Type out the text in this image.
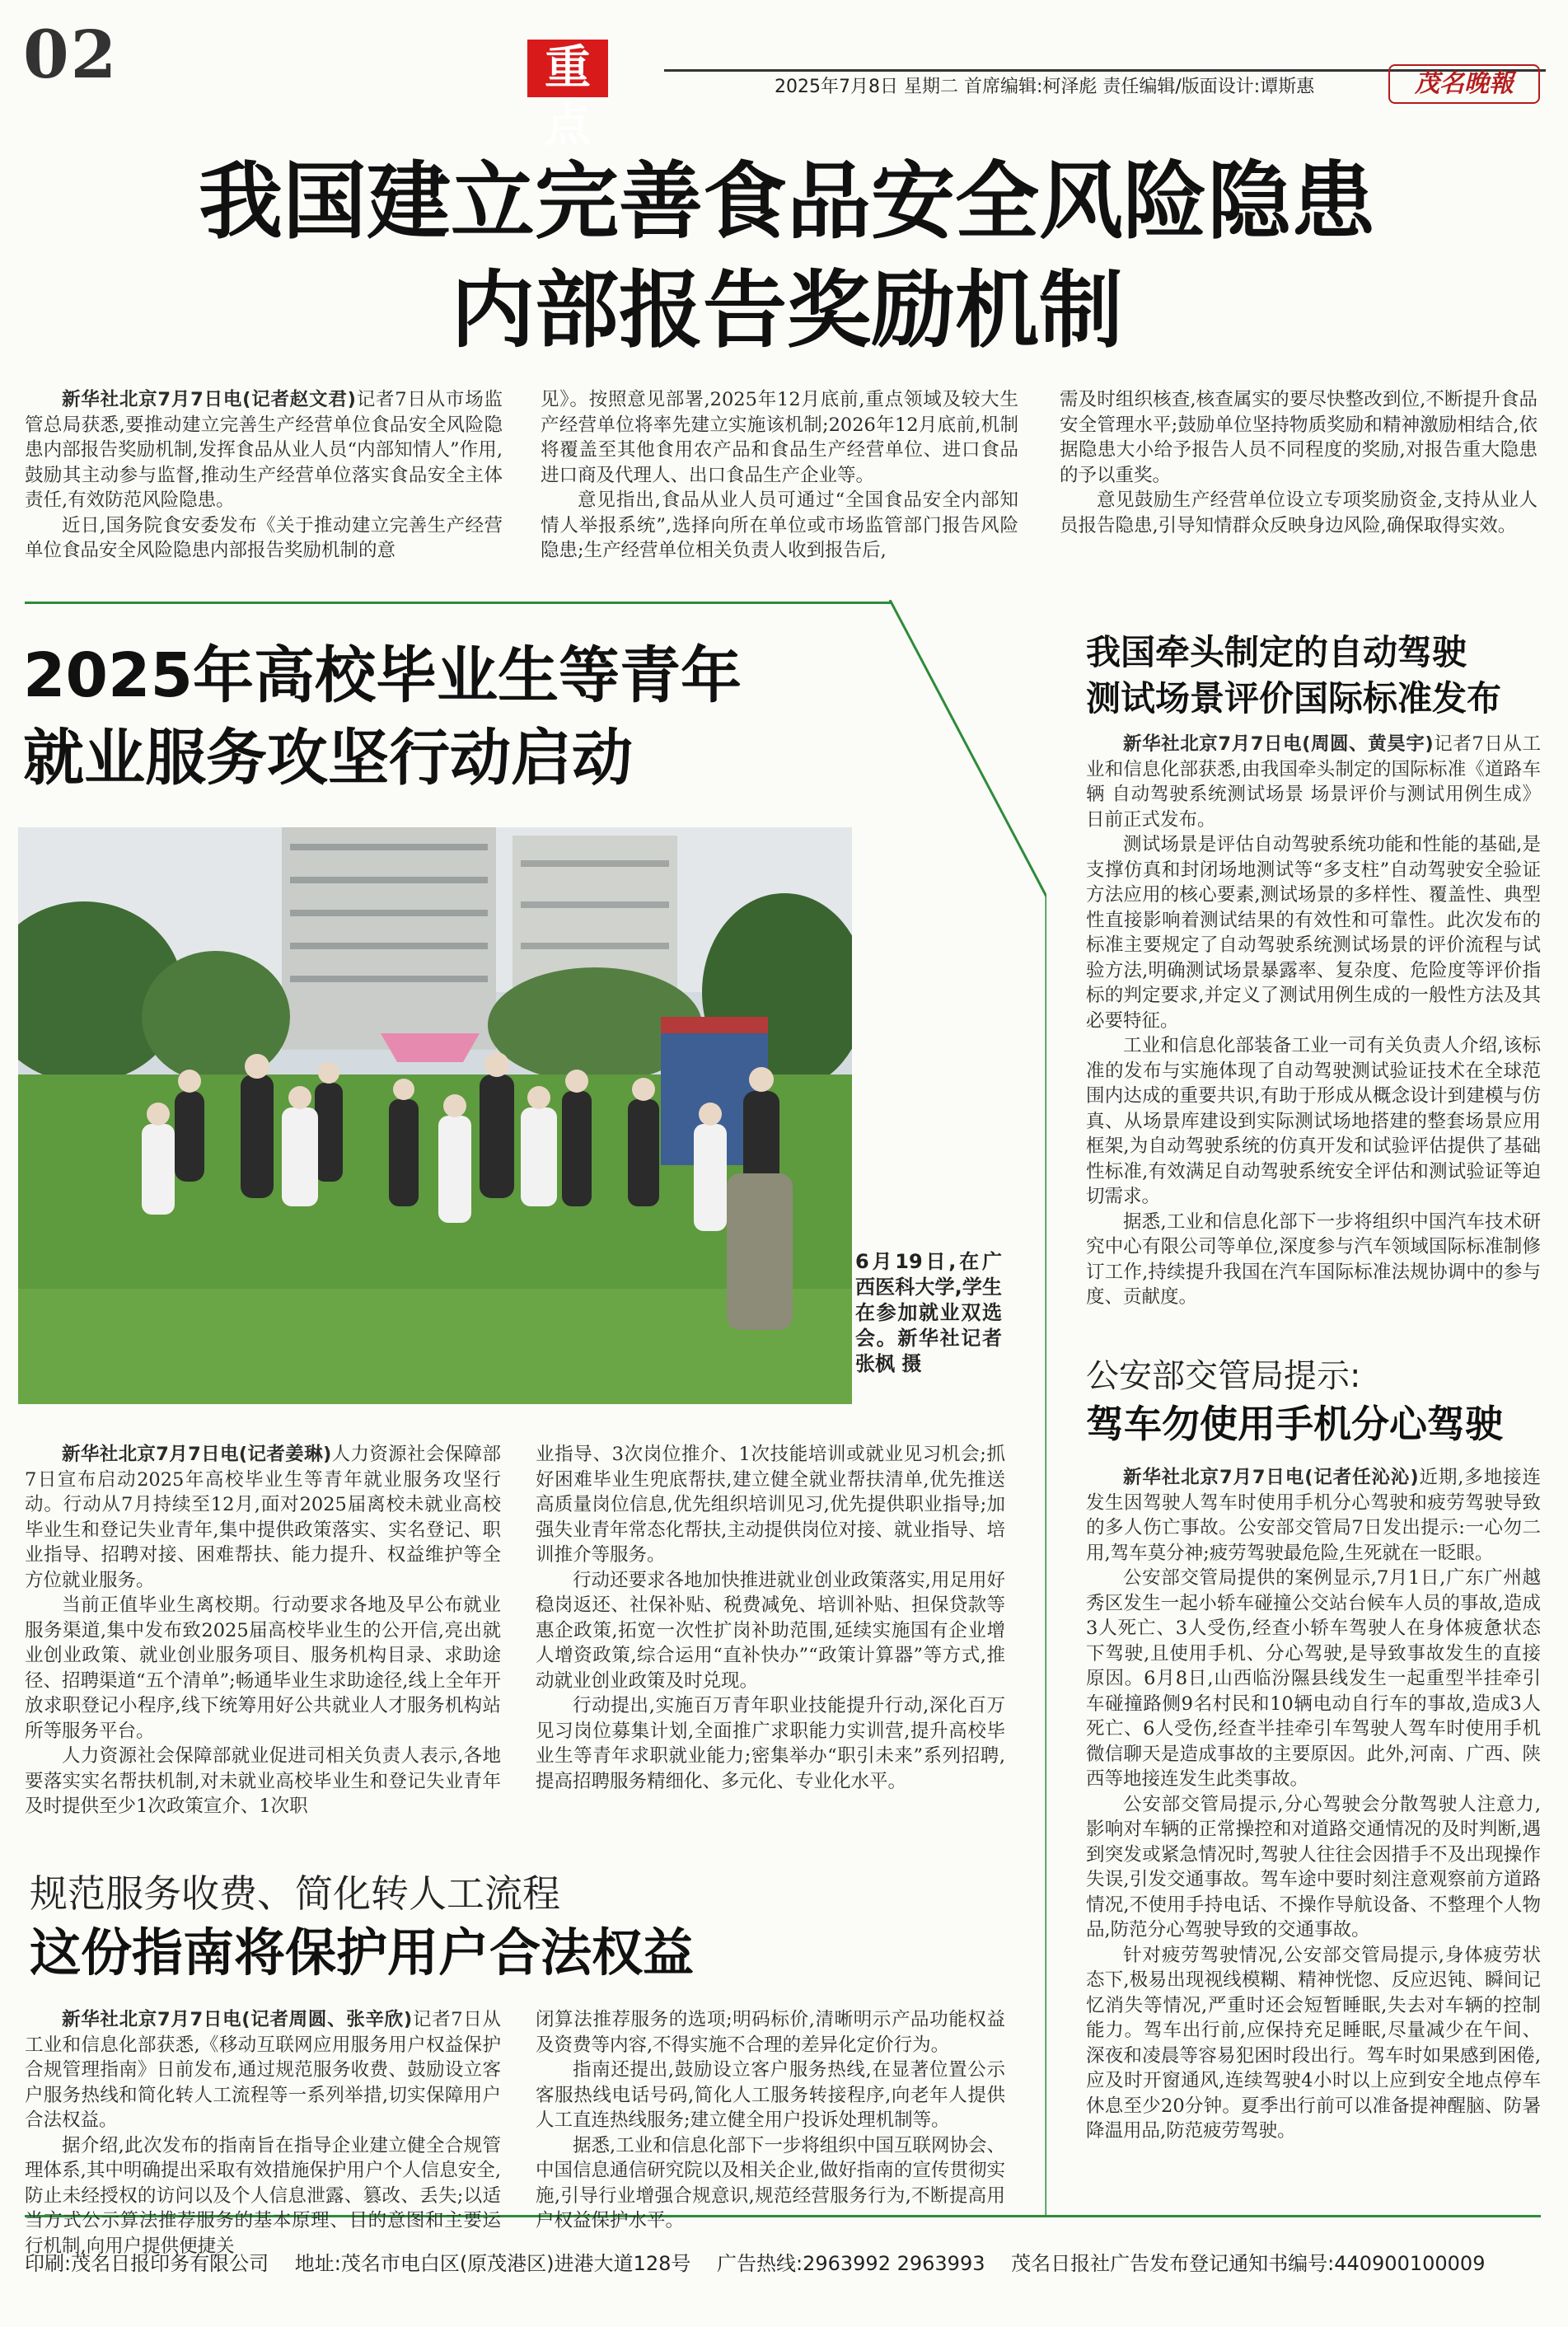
02	重点
2025年7月8日 星期二 首席编辑:柯泽彪 责任编辑/版面设计:谭斯惠	茂名晚報
我国建立完善食品安全风险隐患
内部报告奖励机制

新华社北京7月7日电(记者赵文君)记者7日从市场监管总局获悉,要推动建立完善生产经营单位食品安全风险隐患内部报告奖励机制,发挥食品从业人员“内部知情人”作用,鼓励其主动参与监督,推动生产经营单位落实食品安全主体责任,有效防范风险隐患。

近日,国务院食安委发布《关于推动建立完善生产经营单位食品安全风险隐患内部报告奖励机制的意

见》。按照意见部署,2025年12月底前,重点领域及较大生产经营单位将率先建立实施该机制;2026年12月底前,机制将覆盖至其他食用农产品和食品生产经营单位、进口食品进口商及代理人、出口食品生产企业等。

意见指出,食品从业人员可通过“全国食品安全内部知情人举报系统”,选择向所在单位或市场监管部门报告风险隐患;生产经营单位相关负责人收到报告后,

需及时组织核查,核查属实的要尽快整改到位,不断提升食品安全管理水平;鼓励单位坚持物质奖励和精神激励相结合,依据隐患大小给予报告人员不同程度的奖励,对报告重大隐患的予以重奖。

意见鼓励生产经营单位设立专项奖励资金,支持从业人员报告隐患,引导知情群众反映身边风险,确保取得实效。

2025年高校毕业生等青年
就业服务攻坚行动启动
6月19日,在广西医科大学,学生在参加就业双选会。新华社记者张枫 摄

新华社北京7月7日电(记者姜琳)人力资源社会保障部7日宣布启动2025年高校毕业生等青年就业服务攻坚行动。行动从7月持续至12月,面对2025届离校未就业高校毕业生和登记失业青年,集中提供政策落实、实名登记、职业指导、招聘对接、困难帮扶、能力提升、权益维护等全方位就业服务。

当前正值毕业生离校期。行动要求各地及早公布就业服务渠道,集中发布致2025届高校毕业生的公开信,亮出就业创业政策、就业创业服务项目、服务机构目录、求助途径、招聘渠道“五个清单”;畅通毕业生求助途径,线上全年开放求职登记小程序,线下统筹用好公共就业人才服务机构站所等服务平台。

人力资源社会保障部就业促进司相关负责人表示,各地要落实实名帮扶机制,对未就业高校毕业生和登记失业青年及时提供至少1次政策宣介、1次职

业指导、3次岗位推介、1次技能培训或就业见习机会;抓好困难毕业生兜底帮扶,建立健全就业帮扶清单,优先推送高质量岗位信息,优先组织培训见习,优先提供职业指导;加强失业青年常态化帮扶,主动提供岗位对接、就业指导、培训推介等服务。

行动还要求各地加快推进就业创业政策落实,用足用好稳岗返还、社保补贴、税费减免、培训补贴、担保贷款等惠企政策,拓宽一次性扩岗补助范围,延续实施国有企业增人增资政策,综合运用“直补快办”“政策计算器”等方式,推动就业创业政策及时兑现。

行动提出,实施百万青年职业技能提升行动,深化百万见习岗位募集计划,全面推广求职能力实训营,提升高校毕业生等青年求职就业能力;密集举办“职引未来”系列招聘,提高招聘服务精细化、多元化、专业化水平。

规范服务收费、简化转人工流程
这份指南将保护用户合法权益

新华社北京7月7日电(记者周圆、张辛欣)记者7日从工业和信息化部获悉,《移动互联网应用服务用户权益保护合规管理指南》日前发布,通过规范服务收费、鼓励设立客户服务热线和简化转人工流程等一系列举措,切实保障用户合法权益。

据介绍,此次发布的指南旨在指导企业建立健全合规管理体系,其中明确提出采取有效措施保护用户个人信息安全,防止未经授权的访问以及个人信息泄露、篡改、丢失;以适当方式公示算法推荐服务的基本原理、目的意图和主要运行机制,向用户提供便捷关

闭算法推荐服务的选项;明码标价,清晰明示产品功能权益及资费等内容,不得实施不合理的差异化定价行为。

指南还提出,鼓励设立客户服务热线,在显著位置公示客服热线电话号码,简化人工服务转接程序,向老年人提供人工直连热线服务;建立健全用户投诉处理机制等。

据悉,工业和信息化部下一步将组织中国互联网协会、中国信息通信研究院以及相关企业,做好指南的宣传贯彻实施,引导行业增强合规意识,规范经营服务行为,不断提高用户权益保护水平。

我国牵头制定的自动驾驶
测试场景评价国际标准发布

新华社北京7月7日电(周圆、黄昊宇)记者7日从工业和信息化部获悉,由我国牵头制定的国际标准《道路车辆 自动驾驶系统测试场景 场景评价与测试用例生成》日前正式发布。

测试场景是评估自动驾驶系统功能和性能的基础,是支撑仿真和封闭场地测试等“多支柱”自动驾驶安全验证方法应用的核心要素,测试场景的多样性、覆盖性、典型性直接影响着测试结果的有效性和可靠性。此次发布的标准主要规定了自动驾驶系统测试场景的评价流程与试验方法,明确测试场景暴露率、复杂度、危险度等评价指标的判定要求,并定义了测试用例生成的一般性方法及其必要特征。

工业和信息化部装备工业一司有关负责人介绍,该标准的发布与实施体现了自动驾驶测试验证技术在全球范围内达成的重要共识,有助于形成从概念设计到建模与仿真、从场景库建设到实际测试场地搭建的整套场景应用框架,为自动驾驶系统的仿真开发和试验评估提供了基础性标准,有效满足自动驾驶系统安全评估和测试验证等迫切需求。

据悉,工业和信息化部下一步将组织中国汽车技术研究中心有限公司等单位,深度参与汽车领域国际标准制修订工作,持续提升我国在汽车国际标准法规协调中的参与度、贡献度。

公安部交管局提示:
驾车勿使用手机分心驾驶

新华社北京7月7日电(记者任沁沁)近期,多地接连发生因驾驶人驾车时使用手机分心驾驶和疲劳驾驶导致的多人伤亡事故。公安部交管局7日发出提示:一心勿二用,驾车莫分神;疲劳驾驶最危险,生死就在一眨眼。

公安部交管局提供的案例显示,7月1日,广东广州越秀区发生一起小轿车碰撞公交站台候车人员的事故,造成3人死亡、3人受伤,经查小轿车驾驶人在身体疲惫状态下驾驶,且使用手机、分心驾驶,是导致事故发生的直接原因。6月8日,山西临汾隰县线发生一起重型半挂牵引车碰撞路侧9名村民和10辆电动自行车的事故,造成3人死亡、6人受伤,经查半挂牵引车驾驶人驾车时使用手机微信聊天是造成事故的主要原因。此外,河南、广西、陕西等地接连发生此类事故。

公安部交管局提示,分心驾驶会分散驾驶人注意力,影响对车辆的正常操控和对道路交通情况的及时判断,遇到突发或紧急情况时,驾驶人往往会因措手不及出现操作失误,引发交通事故。驾车途中要时刻注意观察前方道路情况,不使用手持电话、不操作导航设备、不整理个人物品,防范分心驾驶导致的交通事故。

针对疲劳驾驶情况,公安部交管局提示,身体疲劳状态下,极易出现视线模糊、精神恍惚、反应迟钝、瞬间记忆消失等情况,严重时还会短暂睡眠,失去对车辆的控制能力。驾车出行前,应保持充足睡眠,尽量减少在午间、深夜和凌晨等容易犯困时段出行。驾车时如果感到困倦,应及时开窗通风,连续驾驶4小时以上应到安全地点停车休息至少20分钟。夏季出行前可以准备提神醒脑、防暑降温用品,防范疲劳驾驶。

印刷:茂名日报印务有限公司 地址:茂名市电白区(原茂港区)进港大道128号 广告热线:2963992 2963993 茂名日报社广告发布登记通知书编号:440900100009
